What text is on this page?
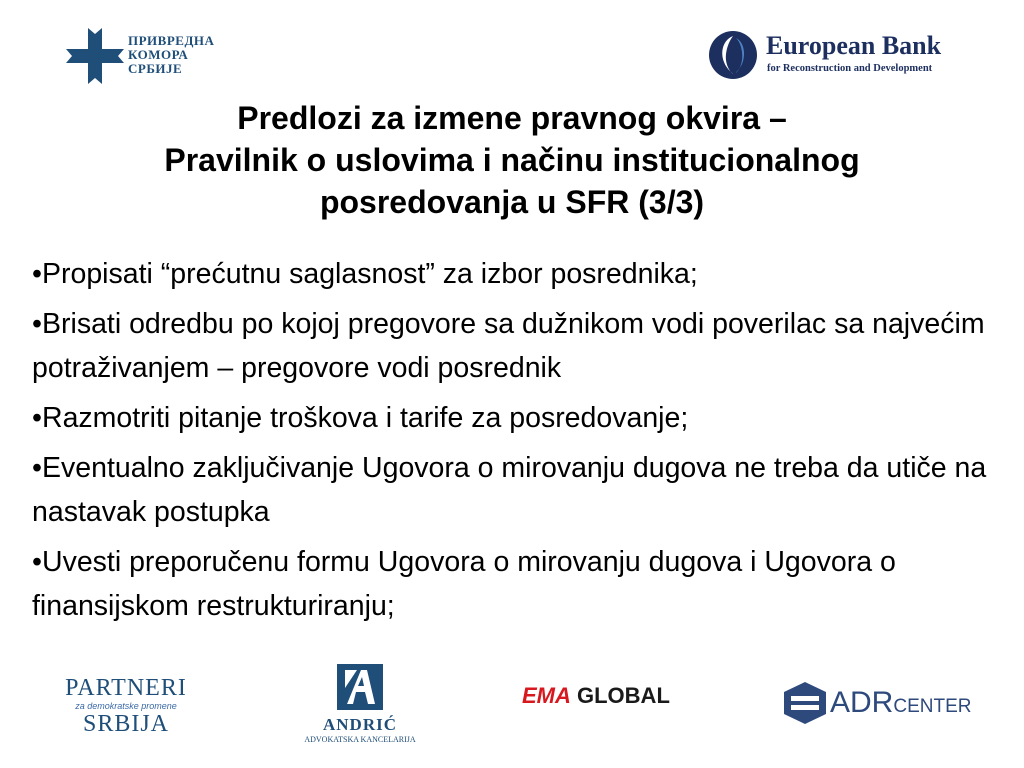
ПРИВРЕДНА
КОМОРА
СРБИЈЕ
European Bank
for Reconstruction and Development
Predlozi za izmene pravnog okvira –
Pravilnik o uslovima i načinu institucionalnog
posredovanja u SFR (3/3)
•Propisati “prećutnu saglasnost” za izbor posrednika;
•Brisati odredbu po kojoj pregovore sa dužnikom vodi poverilac sa najvećim potraživanjem – pregovore vodi posrednik
•Razmotriti pitanje troškova i tarife za posredovanje;
•Eventualno zaključivanje Ugovora o mirovanju dugova ne treba da utiče na nastavak postupka
•Uvesti preporučenu formu Ugovora o mirovanju dugova i Ugovora o finansijskom restrukturiranju;
PARTNERI
za demokratske promene
SRBIJA	ANDRIĆ
ADVOKATSKA KANCELARIJA
EMA GLOBAL	ADRCENTER
